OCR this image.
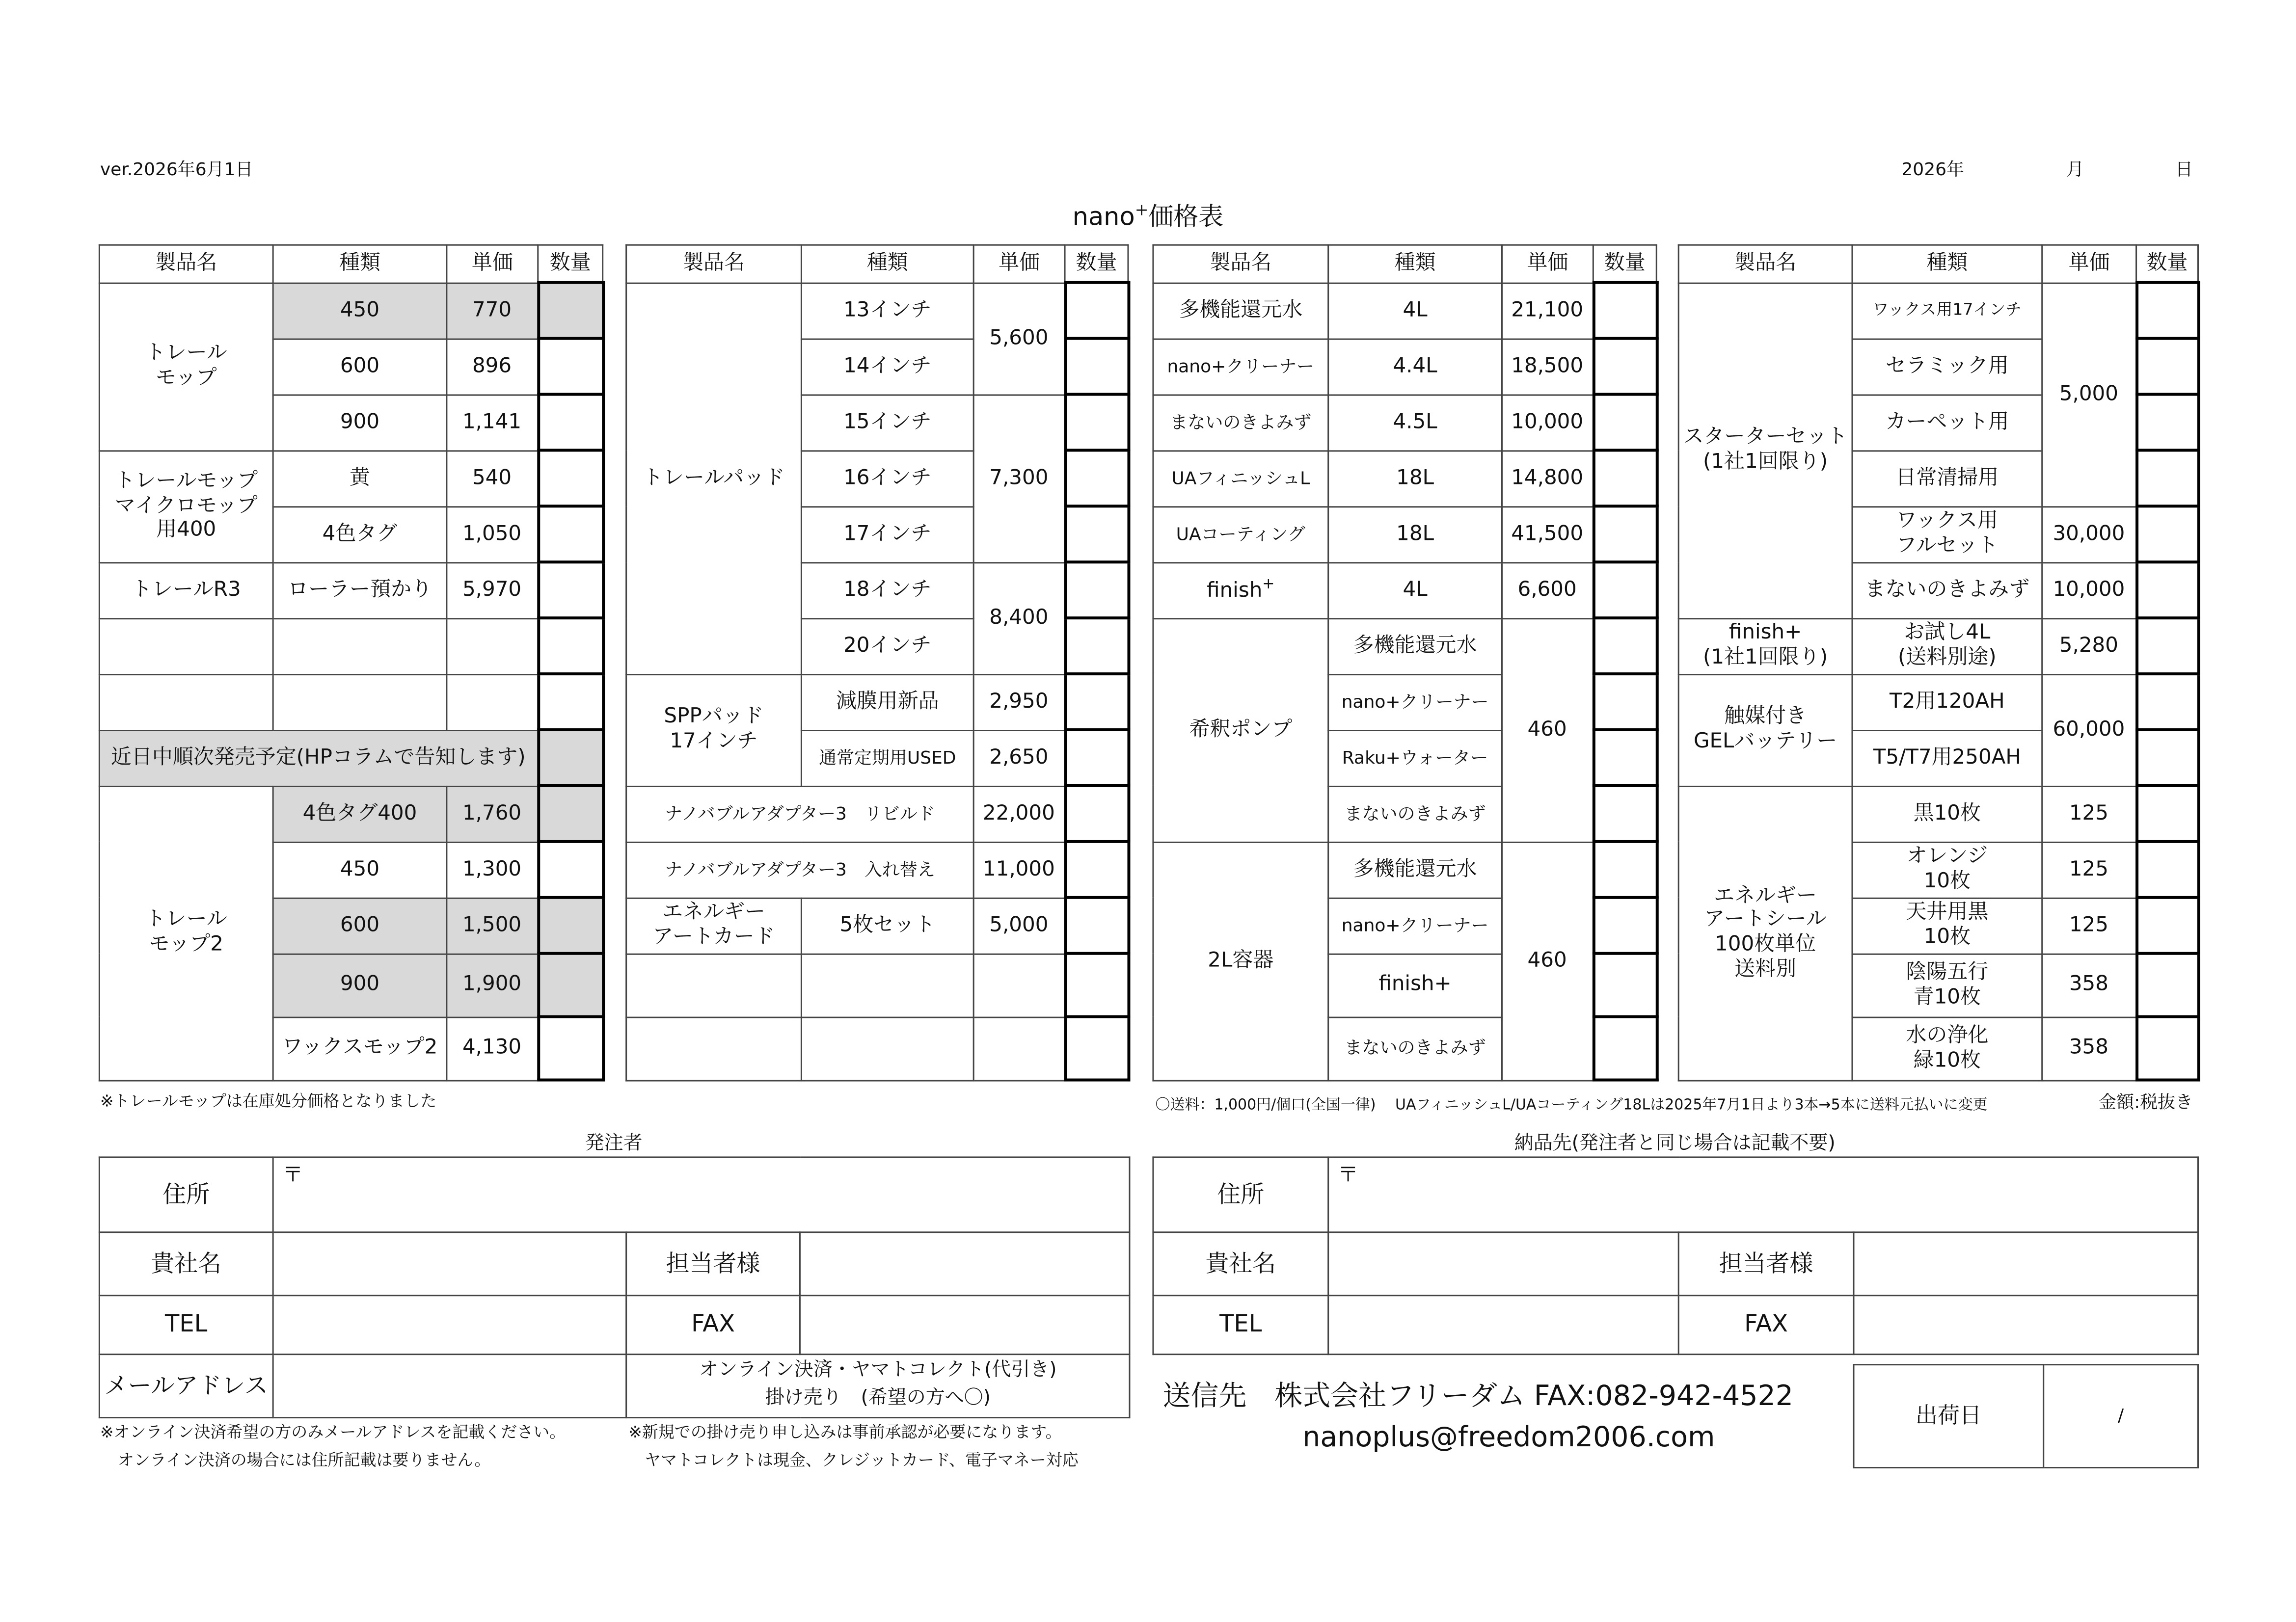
ver.2026年6月1日	2026年	月	日
nano+価格表
製品名	種類	単価	数量
トレール
モップ	450	770	
	600	896	
	900	1,141	
トレールモップ
マイクロモップ
用400	黄	540	
	4色タグ	1,050	
トレールR3	ローラー預かり	5,970	

近日中順次発売予定(HPコラムで告知します)			
トレール
モップ2	4色タグ400	1,760	
	450	1,300	
	600	1,500	
	900	1,900	
	ワックスモップ2	4,130	
製品名	種類	単価	数量
トレールパッド	13インチ	5,600	
	14インチ		
	15インチ	7,300	
	16インチ		
	17インチ		
	18インチ	8,400	
	20インチ		
SPPパッド
17インチ	減膜用新品	2,950	
	通常定期用USED	2,650	
ナノバブルアダプター3　リビルド		22,000	
ナノバブルアダプター3　入れ替え		11,000	
エネルギー
アートカード	5枚セット	5,000	

製品名	種類	単価	数量
多機能還元水	4L	21,100	
nano+クリーナー	4.4L	18,500	
まないのきよみず	4.5L	10,000	
UAフィニッシュL	18L	14,800	
UAコーティング	18L	41,500	
finish+	4L	6,600	
希釈ポンプ	多機能還元水	460	
	nano+クリーナー		
	Raku+ウォーター		
	まないのきよみず		
2L容器	多機能還元水	460	
	nano+クリーナー		
	finish+		
	まないのきよみず		
製品名	種類	単価	数量
スターターセット
(1社1回限り)	ワックス用17インチ	5,000	
	セラミック用		
	カーペット用		
	日常清掃用		
	ワックス用
フルセット	30,000	
	まないのきよみず	10,000	
finish+
(1社1回限り)	お試し4L
(送料別途)	5,280	
触媒付き
GELバッテリー	T2用120AH	60,000	
	T5/T7用250AH		
エネルギー
アートシール
100枚単位
送料別	黒10枚	125	
	オレンジ
10枚	125	
	天井用黒
10枚	125	
	陰陽五行
青10枚	358	
	水の浄化
緑10枚	358	
※トレールモップは在庫処分価格となりました	〇送料：1,000円/個口(全国一律)　 UAフィニッシュL/UAコーティング18Lは2025年7月1日より3本→5本に送料元払いに変更	金額:税抜き
発注者
住所	〒		
貴社名		担当者様	
TEL		FAX	
メールアドレス		オンライン決済・ヤマトコレクト(代引き)
掛け売り　(希望の方へ〇)	
※オンライン決済希望の方のみメールアドレスを記載ください。
オンライン決済の場合には住所記載は要りません。
※新規での掛け売り申し込みは事前承認が必要になります。
ヤマトコレクトは現金、クレジットカード、電子マネー対応
納品先(発注者と同じ場合は記載不要)
住所	〒		
貴社名		担当者様	
TEL		FAX	
送信先　株式会社フリーダム FAX:082-942-4522
nanoplus@freedom2006.com
出荷日	/
